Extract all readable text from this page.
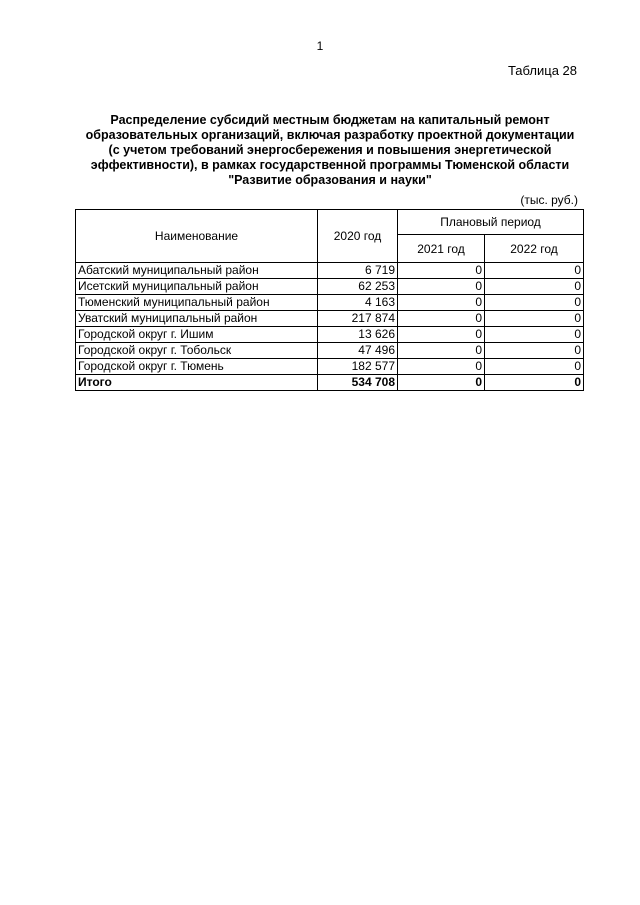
1
Таблица 28
Распределение субсидий местным бюджетам на капитальный ремонт образовательных организаций, включая разработку проектной документации (с учетом требований энергосбережения и повышения энергетической эффективности), в рамках государственной программы Тюменской области "Развитие образования и науки"
(тыс. руб.)
Наименование	2020 год	Плановый период	
		2021 год	2022 год
Абатский муниципальный район	6 719	0	0
Исетский муниципальный район	62 253	0	0
Тюменский муниципальный район	4 163	0	0
Уватский муниципальный район	217 874	0	0
Городской округ г. Ишим	13 626	0	0
Городской округ г. Тобольск	47 496	0	0
Городской округ г. Тюмень	182 577	0	0
Итого	534 708	0	0
